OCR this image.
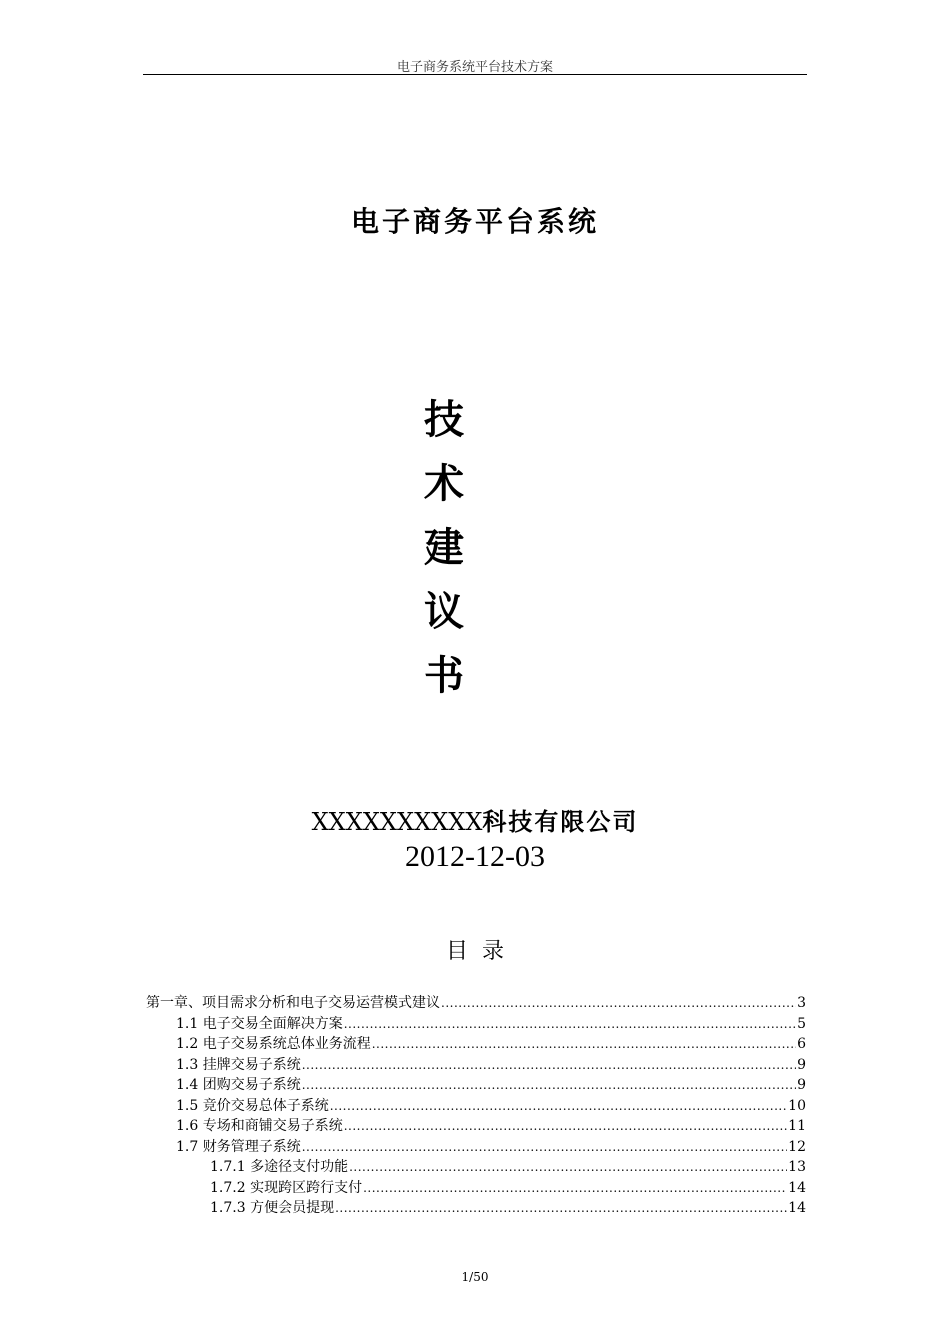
电子商务系统平台技术方案
电子商务平台系统
技
术
建
议
书
XXXXXXXXXX科技有限公司
2012-12-03
目  录
第一章、项目需求分析和电子交易运营模式建议 .....	3
1.1 电子交易全面解决方案 .....	5
1.2 电子交易系统总体业务流程 .....	6
1.3 挂牌交易子系统 .....	9
1.4 团购交易子系统 .....	9
1.5 竞价交易总体子系统 .....	10
1.6 专场和商铺交易子系统 .....	11
1.7 财务管理子系统 .....	12
1.7.1 多途径支付功能 .....	13
1.7.2 实现跨区跨行支付 .....	14
1.7.3 方便会员提现 .....	14
1/50
